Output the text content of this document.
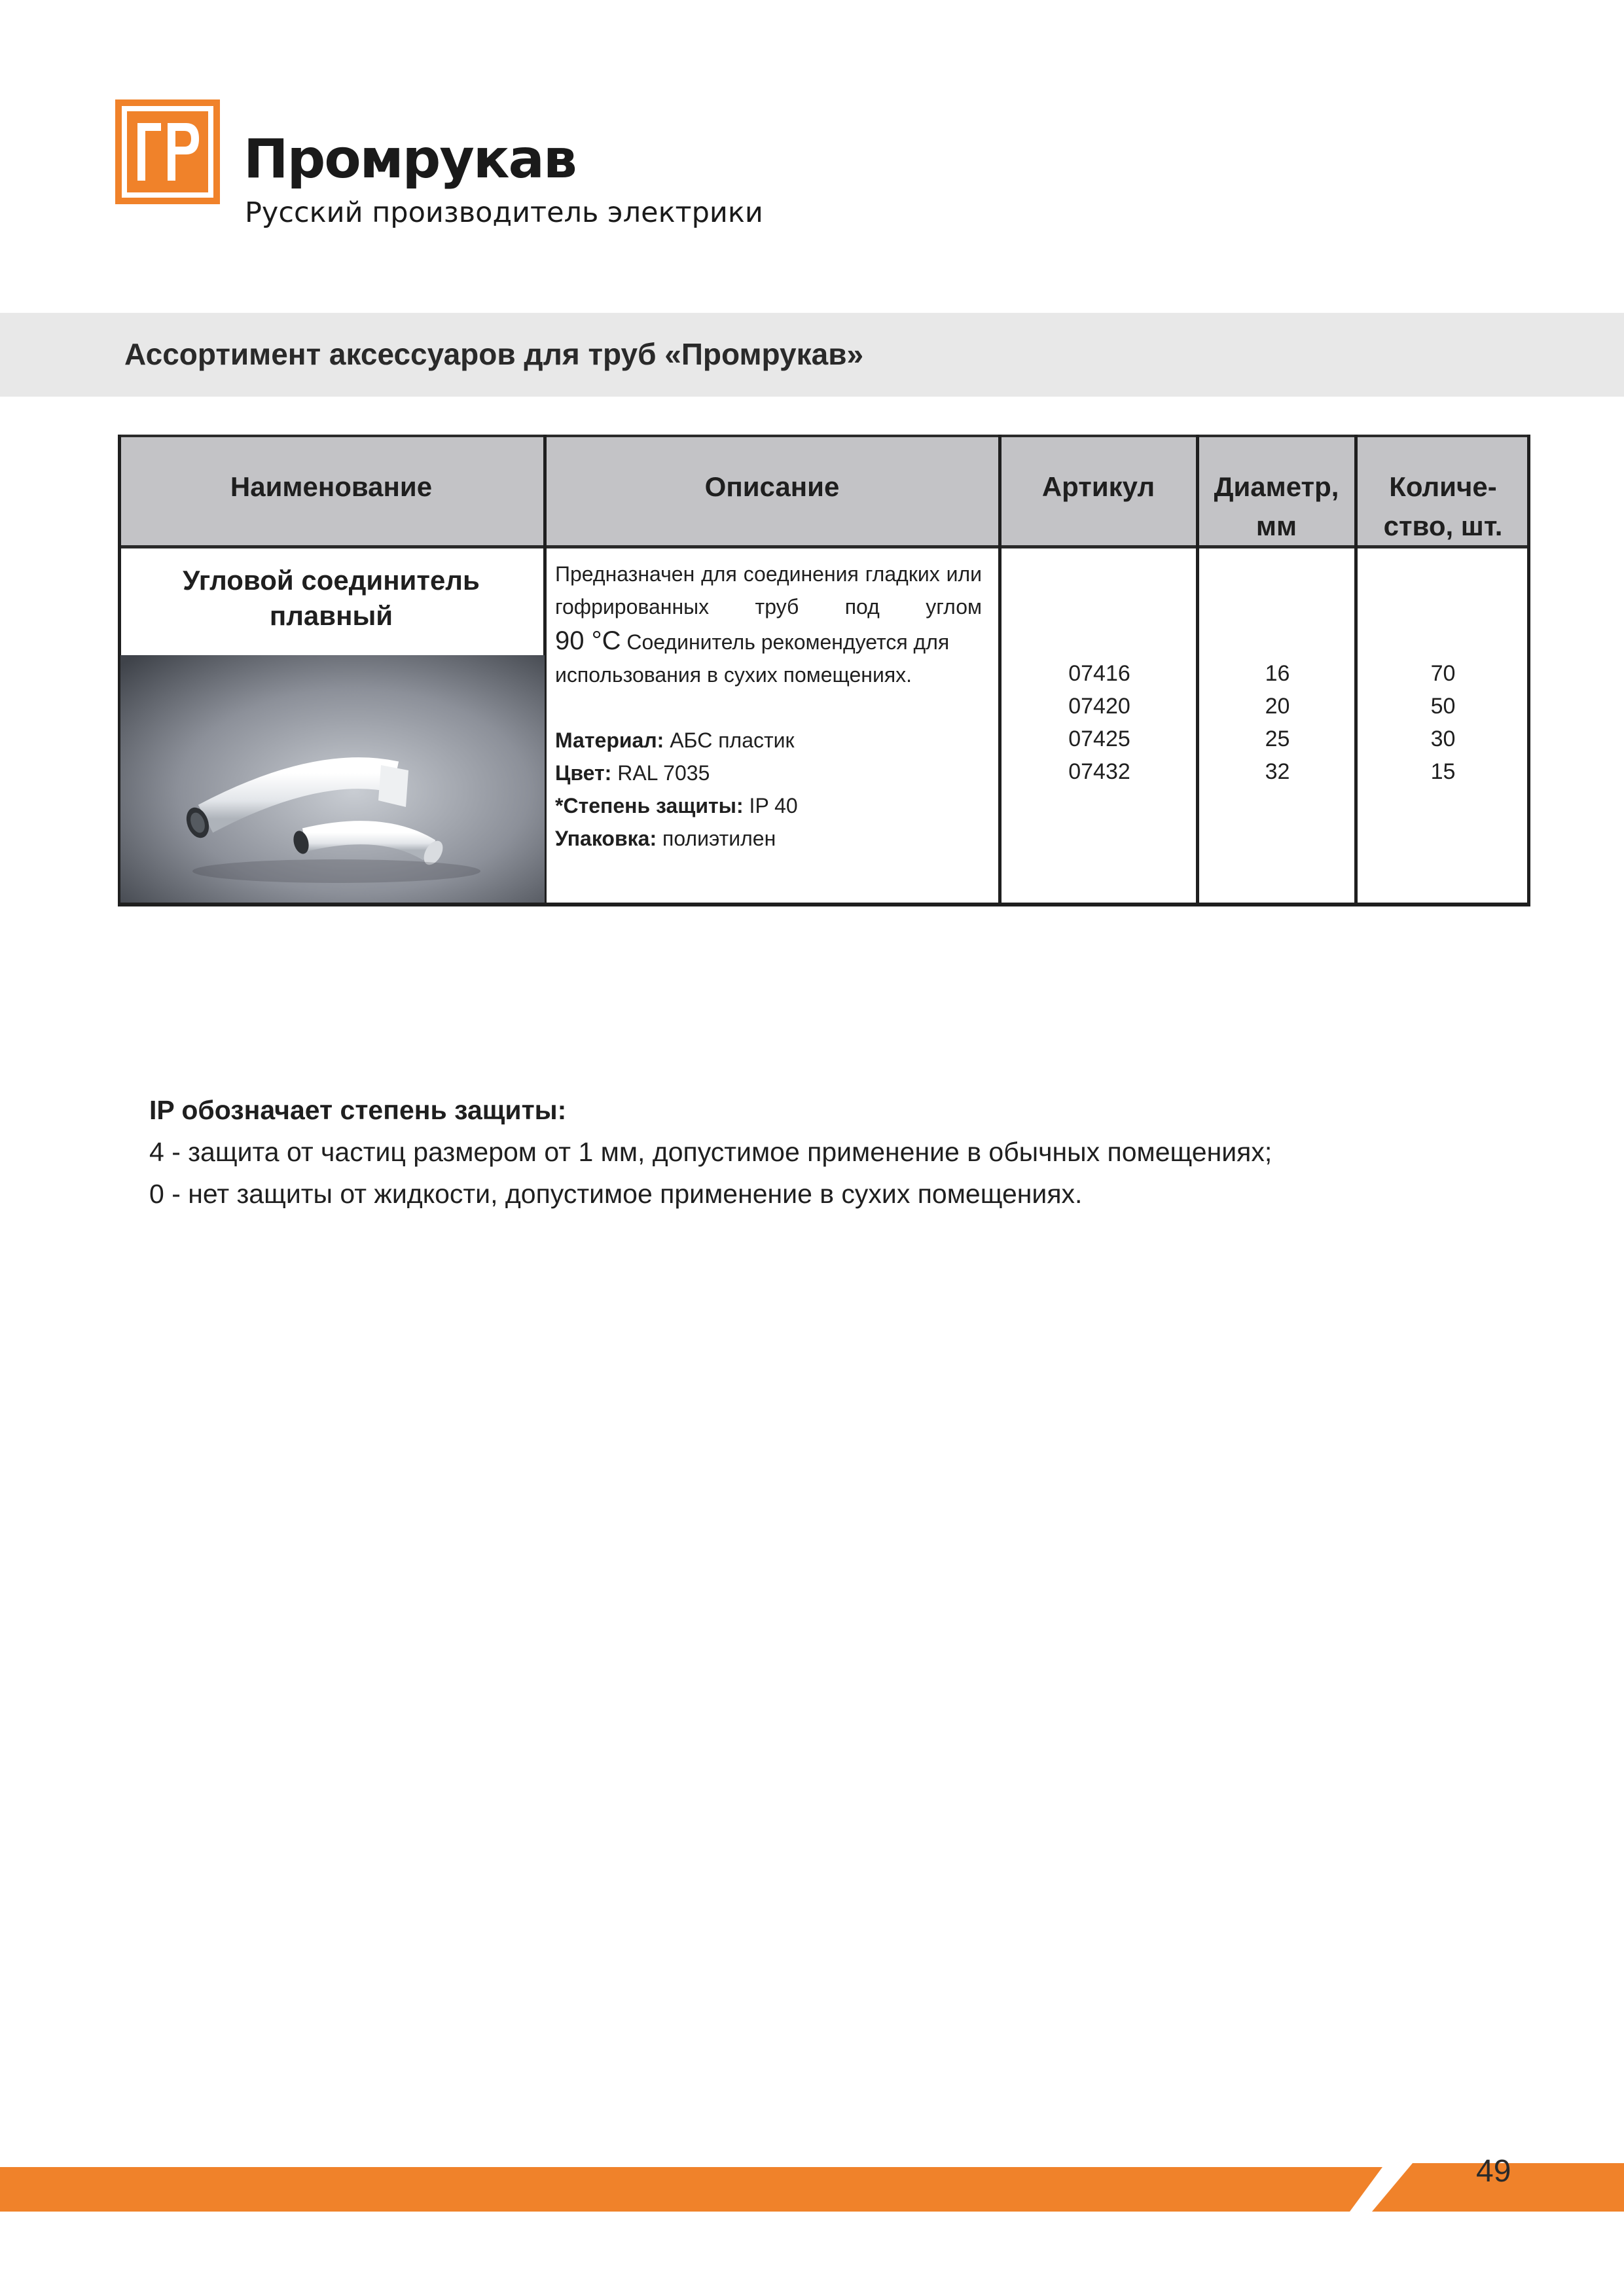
Промрукав
Русский производитель электрики
Ассортимент аксессуаров для труб «Промрукав»
Наименование	Описание	Артикул Диаметр,
мм
Количе-
ство, шт.
Угловой соединитель плавный
Предназначен для соединения гладких или гофрированных труб под углом
90 °C Соединитель рекомендуется для использования в сухих помещениях.
Материал: АБС пластик
Цвет: RAL 7035
*Степень защиты: IP 40
Упаковка: полиэтилен
07416
07420
07425
07432
16
20
25
32
70
50
30
15
IP обозначает степень защиты:
4 - защита от частиц размером от 1 мм, допустимое применение в обычных помещениях;
0 - нет защиты от жидкости, допустимое применение в сухих помещениях.
49
